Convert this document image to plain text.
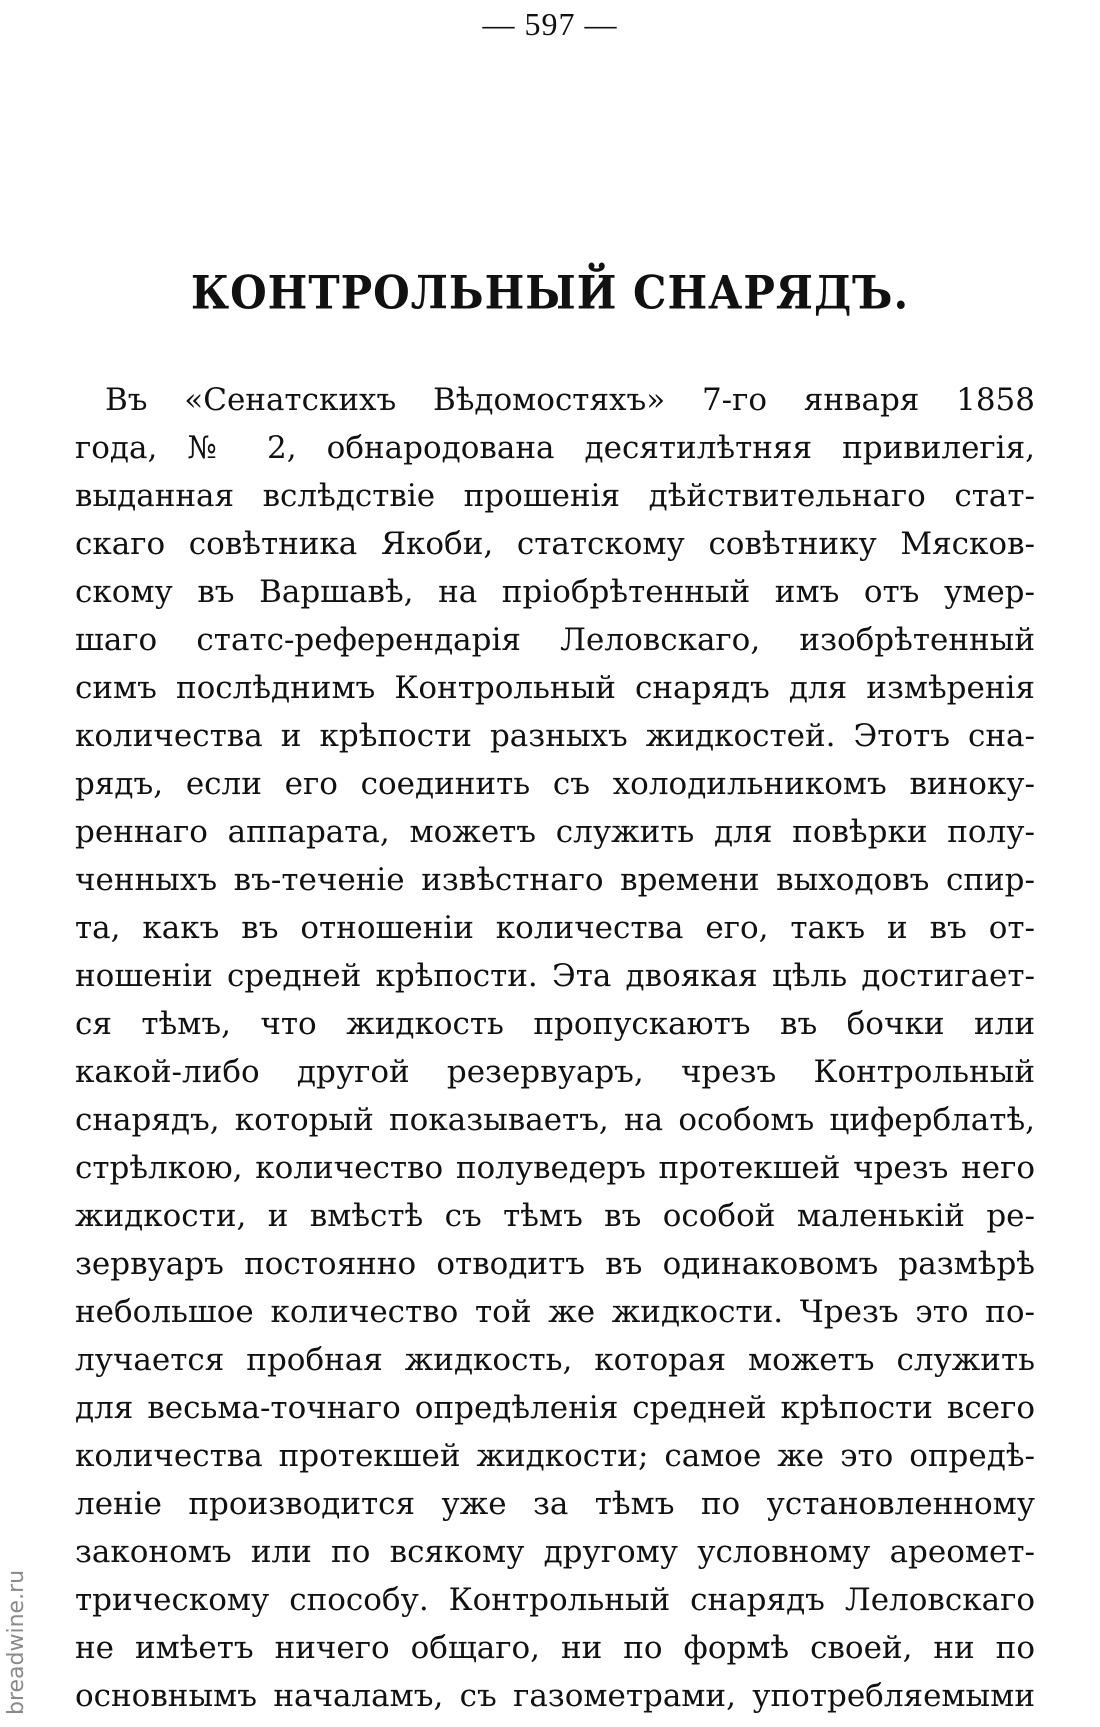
— 597 —
КОНТРОЛЬНЫЙ СНАРЯДЪ.
Въ «Сенатскихъ Вѣдомостяхъ» 7-го января 1858
года, № 2, обнародована десятилѣтняя привилегія,
выданная вслѣдствіе прошенія дѣйствительнаго стат-
скаго совѣтника Якоби, статскому совѣтнику Мясков-
скому въ Варшавѣ, на пріобрѣтенный имъ отъ умер-
шаго статс-референдарія Леловскаго, изобрѣтенный
симъ послѣднимъ Контрольный снарядъ для измѣренія
количества и крѣпости разныхъ жидкостей. Этотъ сна-
рядъ, если его соединить съ холодильникомъ виноку-
реннаго аппарата, можетъ служить для повѣрки полу-
ченныхъ въ-теченіе извѣстнаго времени выходовъ спир-
та, какъ въ отношеніи количества его, такъ и въ от-
ношеніи средней крѣпости. Эта двоякая цѣль достигает-
ся тѣмъ, что жидкость пропускаютъ въ бочки или
какой-либо другой резервуаръ, чрезъ Контрольный
снарядъ, который показываетъ, на особомъ циферблатѣ,
стрѣлкою, количество полуведеръ протекшей чрезъ него
жидкости, и вмѣстѣ съ тѣмъ въ особой маленькій ре-
зервуаръ постоянно отводитъ въ одинаковомъ размѣрѣ
небольшое количество той же жидкости. Чрезъ это по-
лучается пробная жидкость, которая можетъ служить
для весьма-точнаго опредѣленія средней крѣпости всего
количества протекшей жидкости; самое же это опредѣ-
леніе производится уже за тѣмъ по установленному
закономъ или по всякому другому условному ареомет-
трическому способу. Контрольный снарядъ Леловскаго
не имѣетъ ничего общаго, ни по формѣ своей, ни по
основнымъ началамъ, съ газометрами, употребляемыми
breadwine.ru
